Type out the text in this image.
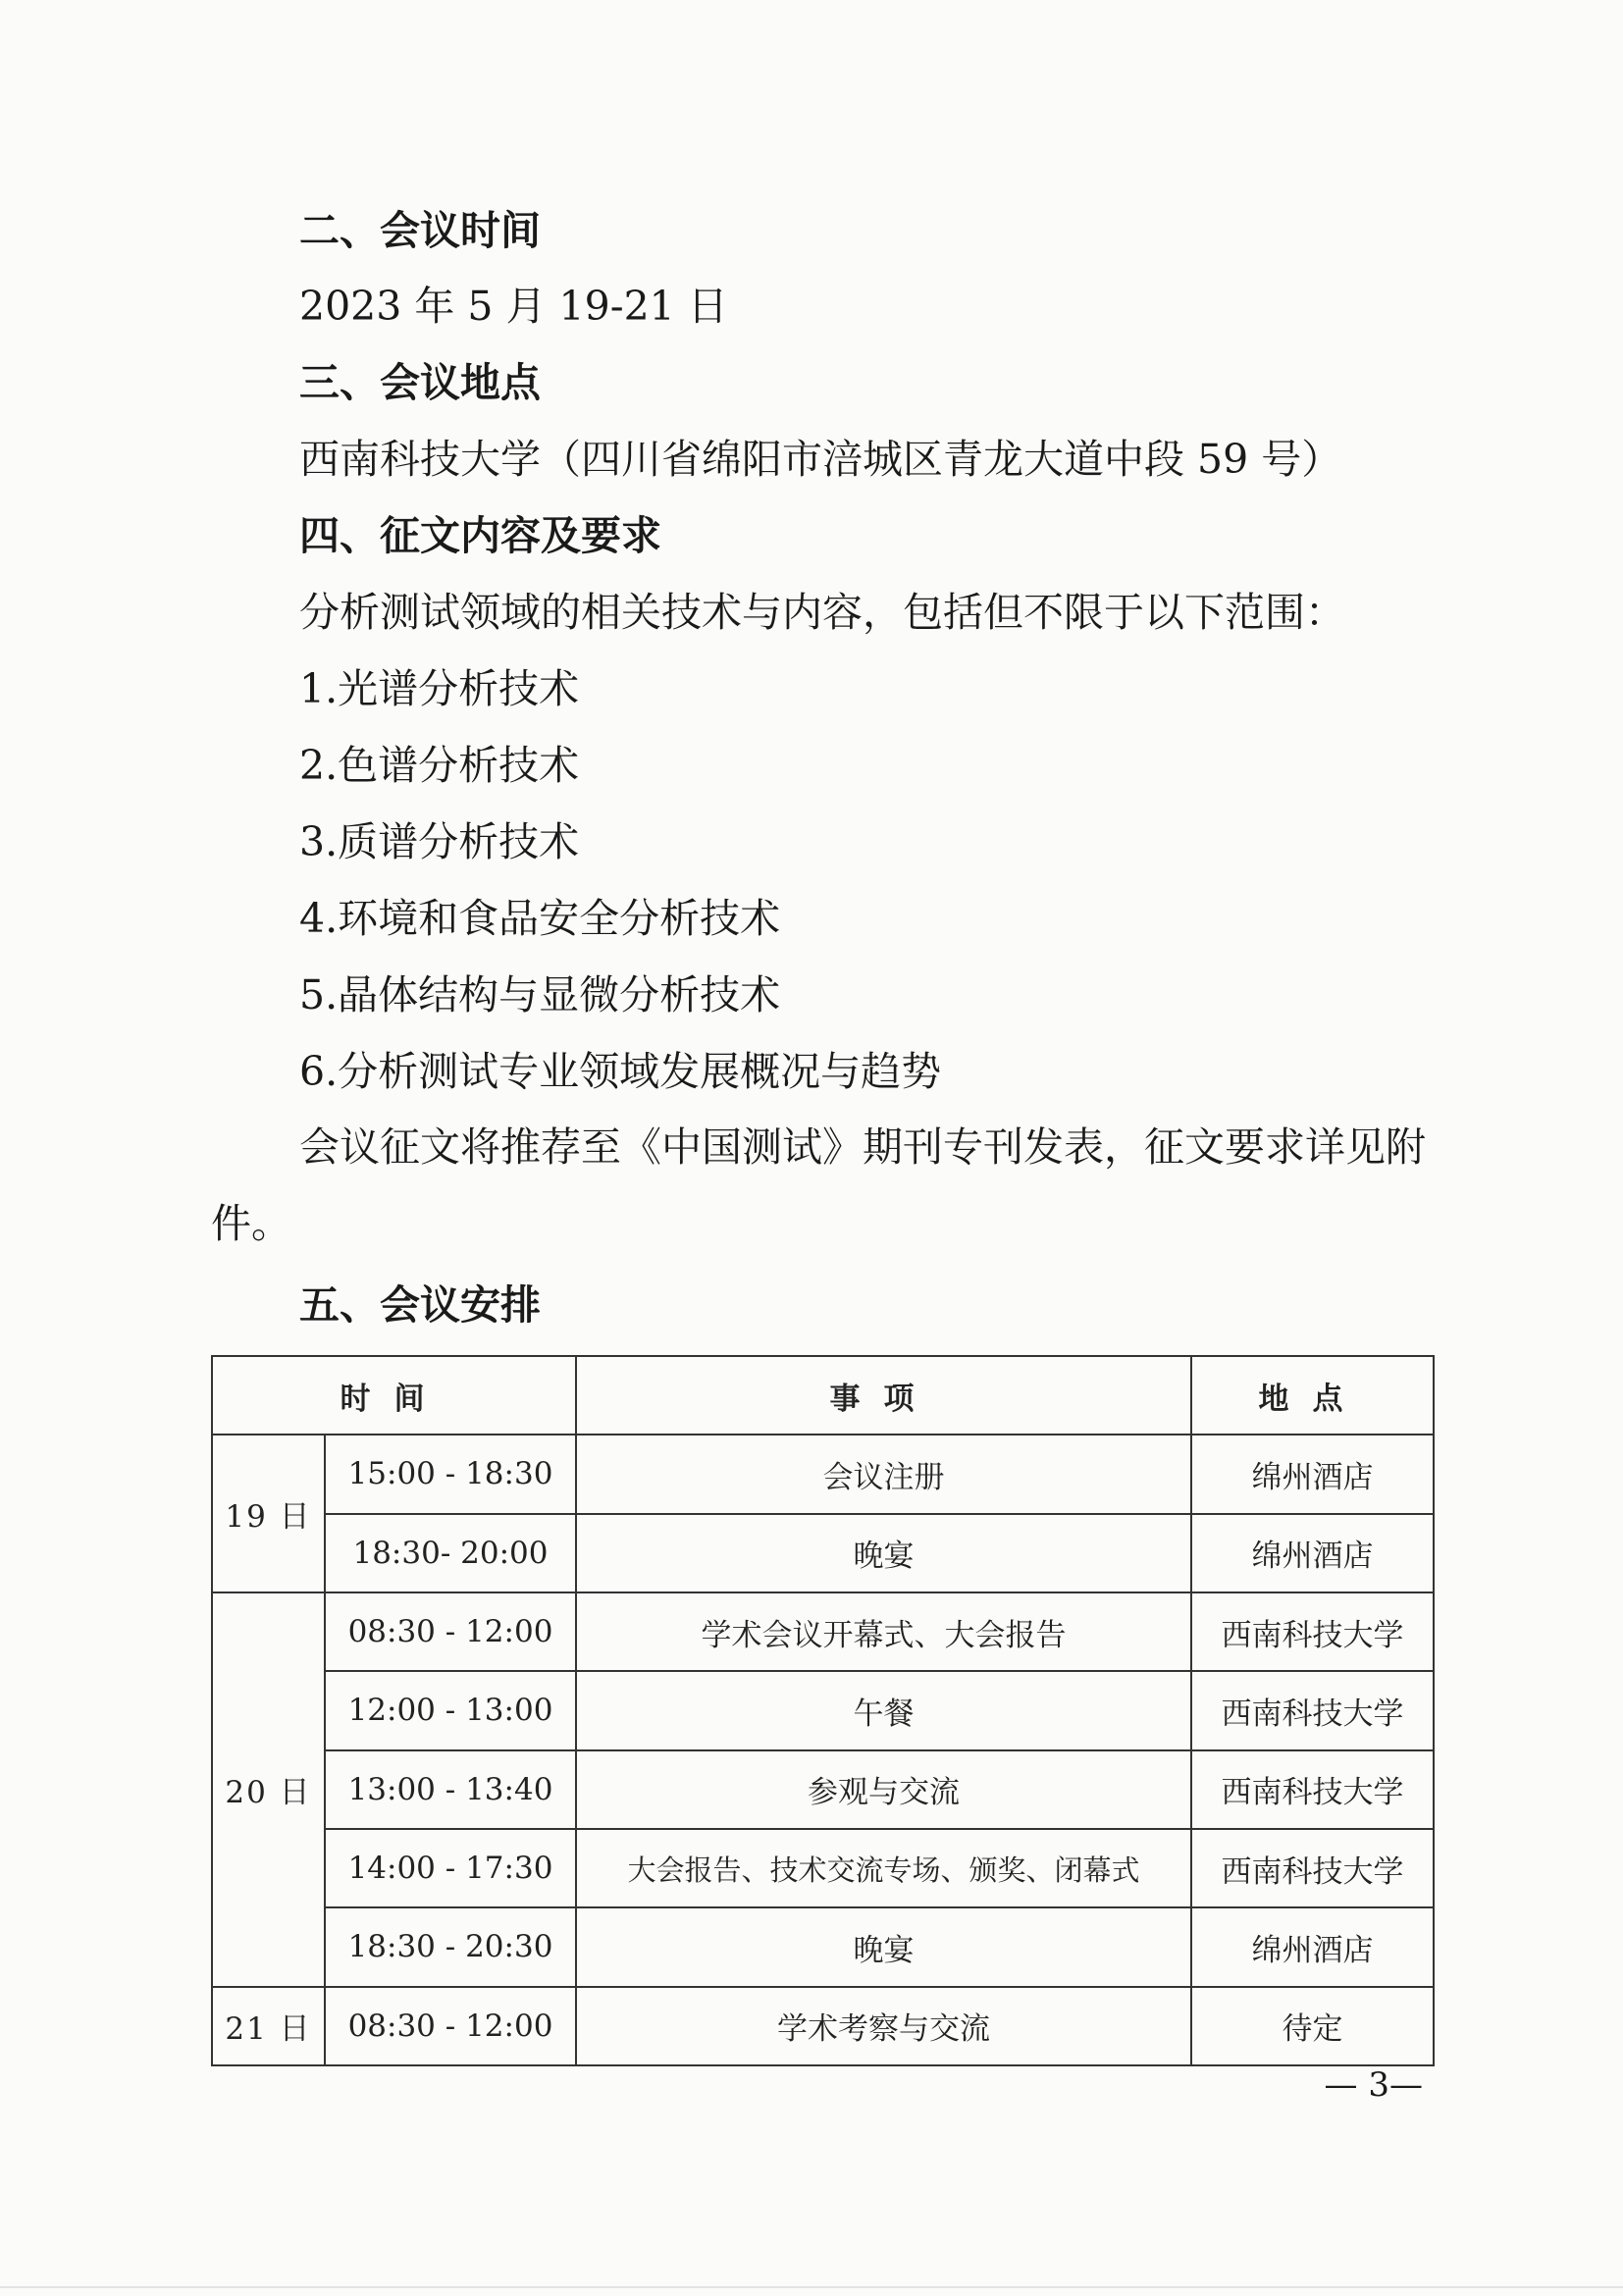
二、会议时间
2023 年 5 月 19-21 日
三、会议地点
西南科技大学（四川省绵阳市涪城区青龙大道中段 59 号）
四、征文内容及要求
分析测试领域的相关技术与内容，包括但不限于以下范围：
1.光谱分析技术
2.色谱分析技术
3.质谱分析技术
4.环境和食品安全分析技术
5.晶体结构与显微分析技术
6.分析测试专业领域发展概况与趋势
会议征文将推荐至《中国测试》期刊专刊发表，征文要求详见附件。
五、会议安排
时间		事项	地点
19 日	15:00 - 18:30	会议注册	绵州酒店
	18:30- 20:00	晚宴	绵州酒店
20 日	08:30 - 12:00	学术会议开幕式、大会报告	西南科技大学
	12:00 - 13:00	午餐	西南科技大学
	13:00 - 13:40	参观与交流	西南科技大学
	14:00 - 17:30	大会报告、技术交流专场、颁奖、闭幕式	西南科技大学
	18:30 - 20:30	晚宴	绵州酒店
21 日	08:30 - 12:00	学术考察与交流	待定
— 3—
